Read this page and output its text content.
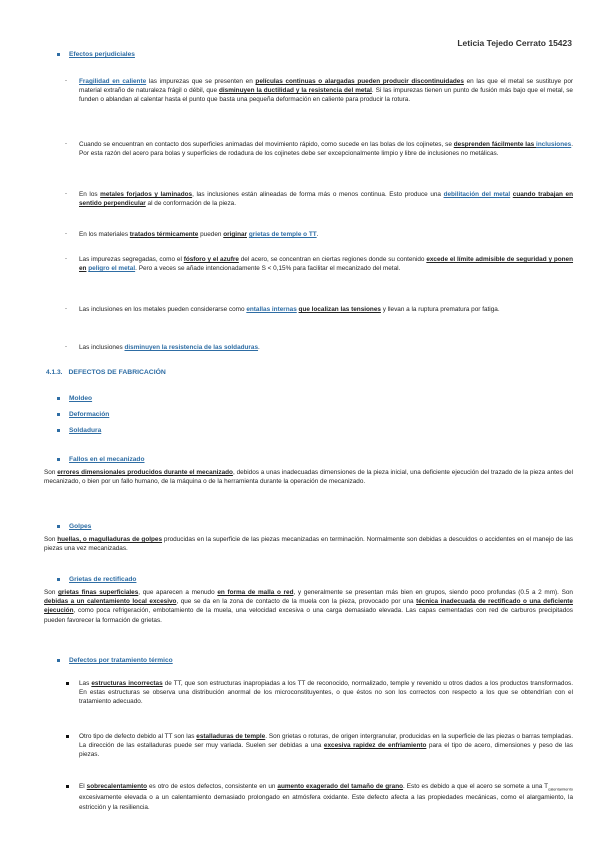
Leticia Tejedo Cerrato 15423
Efectos perjudiciales
- Fragilidad en caliente las impurezas que se presenten en películas continuas o alargadas pueden producir discontinuidades en las que el metal se sustituye por material extraño de naturaleza frágil o débil, que disminuyen la ductilidad y la resistencia del metal. Si las impurezas tienen un punto de fusión más bajo que el metal, se funden o ablandan al calentar hasta el punto que basta una pequeña deformación en caliente para producir la rotura.
- Cuando se encuentran en contacto dos superficies animadas del movimiento rápido, como sucede en las bolas de los cojinetes, se desprenden fácilmente las inclusiones. Por esta razón del acero para bolas y superficies de rodadura de los cojinetes debe ser excepcionalmente limpio y libre de inclusiones no metálicas.
- En los metales forjados y laminados, las inclusiones están alineadas de forma más o menos continua. Esto produce una debilitación del metal cuando trabajan en sentido perpendicular al de conformación de la pieza.
- En los materiales tratados térmicamente pueden originar grietas de temple o TT.
- Las impurezas segregadas, como el fósforo y el azufre del acero, se concentran en ciertas regiones donde su contenido excede el límite admisible de seguridad y ponen en peligro el metal. Pero a veces se añade intencionadamente S < 0,15% para facilitar el mecanizado del metal.
- Las inclusiones en los metales pueden considerarse como entallas internas que localizan las tensiones y llevan a la ruptura prematura por fatiga.
- Las inclusiones disminuyen la resistencia de las soldaduras.
4.1.3. DEFECTOS DE FABRICACIÓN
Moldeo
Deformación
Soldadura
Fallos en el mecanizado
Son errores dimensionales producidos durante el mecanizado, debidos a unas inadecuadas dimensiones de la pieza inicial, una deficiente ejecución del trazado de la pieza antes del mecanizado, o bien por un fallo humano, de la máquina o de la herramienta durante la operación de mecanizado.
Golpes
Son huellas, o magulladuras de golpes producidas en la superficie de las piezas mecanizadas en terminación. Normalmente son debidas a descuidos o accidentes en el manejo de las piezas una vez mecanizadas.
Grietas de rectificado
Son grietas finas superficiales, que aparecen a menudo en forma de malla o red, y generalmente se presentan más bien en grupos, siendo poco profundas (0.5 a 2 mm). Son debidas a un calentamiento local excesivo, que se da en la zona de contacto de la muela con la pieza, provocado por una técnica inadecuada de rectificado o una deficiente ejecución, como poca refrigeración, embotamiento de la muela, una velocidad excesiva o una carga demasiado elevada. Las capas cementadas con red de carburos precipitados pueden favorecer la formación de grietas.
Defectos por tratamiento térmico
Las estructuras incorrectas de TT, que son estructuras inapropiadas a los TT de reconocido, normalizado, temple y revenido u otros dados a los productos transformados. En estas estructuras se observa una distribución anormal de los microconstituyentes, o que éstos no son los correctos con respecto a los que se obtendrían con el tratamiento adecuado.
Otro tipo de defecto debido al TT son las estalladuras de temple. Son grietas o roturas, de origen intergranular, producidas en la superficie de las piezas o barras templadas. La dirección de las estalladuras puede ser muy variada. Suelen ser debidas a una excesiva rapidez de enfriamiento para el tipo de acero, dimensiones y peso de las piezas.
El sobrecalentamiento es otro de estos defectos, consistente en un aumento exagerado del tamaño de grano. Esto es debido a que el acero se somete a una $T_{calentamiento}$ excesivamente elevada o a un calentamiento demasiado prolongado en atmósfera oxidante. Este defecto afecta a las propiedades mecánicas, como el alargamiento, la estricción y la resiliencia.
